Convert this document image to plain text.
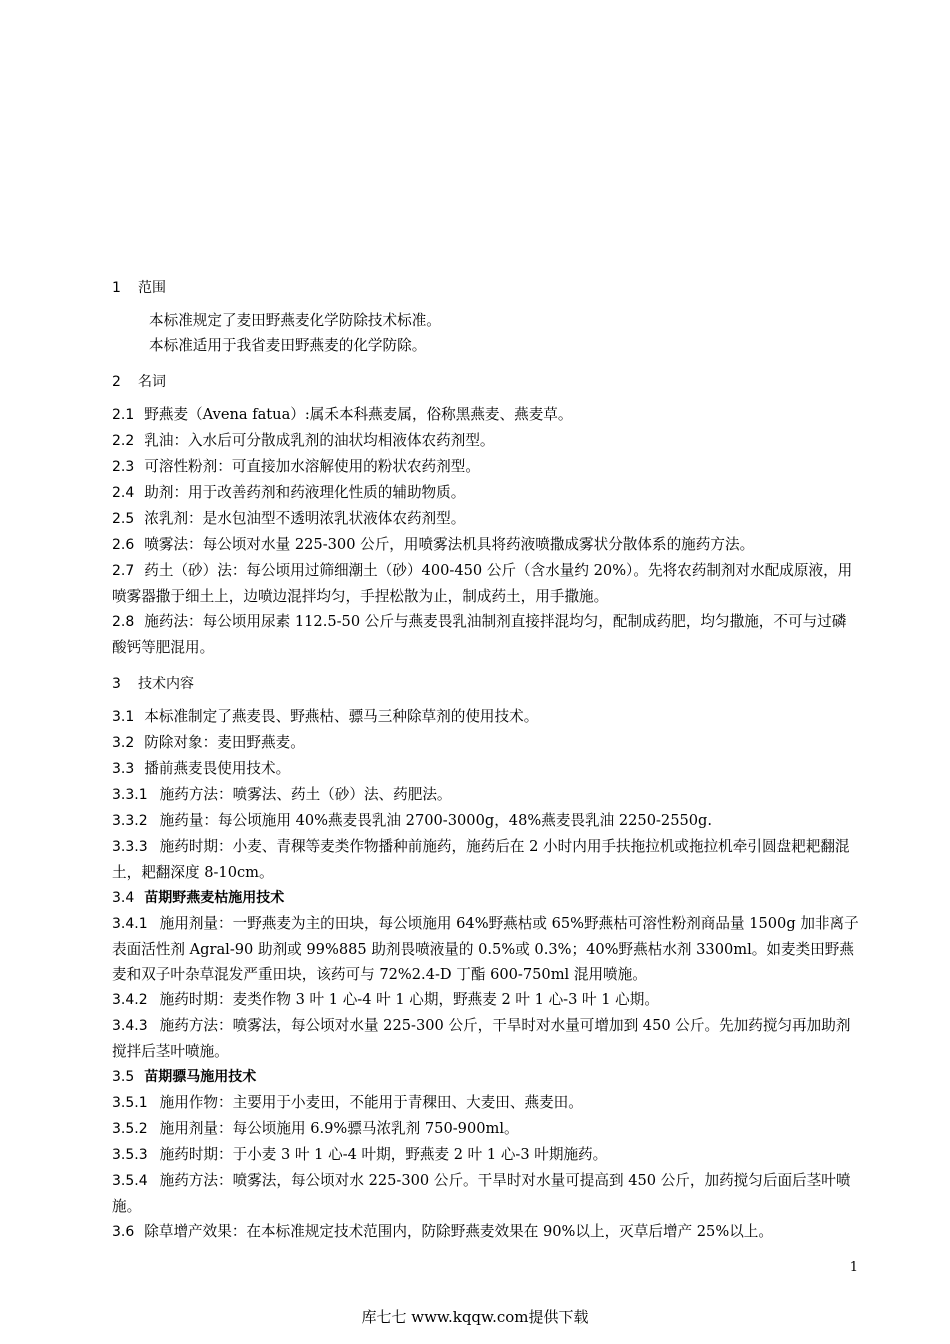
1 范围
本标准规定了麦田野燕麦化学防除技术标准。
本标准适用于我省麦田野燕麦的化学防除。
2 名词
2.1 野燕麦（Avena fatua）:属禾本科燕麦属，俗称黑燕麦、燕麦草。
2.2 乳油：入水后可分散成乳剂的油状均相液体农药剂型。
2.3 可溶性粉剂：可直接加水溶解使用的粉状农药剂型。
2.4 助剂：用于改善药剂和药液理化性质的辅助物质。
2.5 浓乳剂：是水包油型不透明浓乳状液体农药剂型。
2.6 喷雾法：每公顷对水量 225-300 公斤，用喷雾法机具将药液喷撒成雾状分散体系的施药方法。
2.7 药土（砂）法：每公顷用过筛细潮土（砂）400-450 公斤（含水量约 20%）。先将农药制剂对水配成原液，用喷雾器撒于细土上，边喷边混拌均匀，手捏松散为止，制成药土，用手撒施。
2.8 施药法：每公顷用尿素 112.5-50 公斤与燕麦畏乳油制剂直接拌混均匀，配制成药肥，均匀撒施，不可与过磷酸钙等肥混用。
3 技术内容
3.1 本标准制定了燕麦畏、野燕枯、骠马三种除草剂的使用技术。
3.2 防除对象：麦田野燕麦。
3.3 播前燕麦畏使用技术。
3.3.1 施药方法：喷雾法、药土（砂）法、药肥法。
3.3.2 施药量：每公顷施用 40%燕麦畏乳油 2700-3000g，48%燕麦畏乳油 2250-2550g.
3.3.3 施药时期：小麦、青稞等麦类作物播种前施药，施药后在 2 小时内用手扶拖拉机或拖拉机牵引圆盘耙耙翻混土，耙翻深度 8-10cm。
3.4 苗期野燕麦枯施用技术
3.4.1 施用剂量：一野燕麦为主的田块，每公顷施用 64%野燕枯或 65%野燕枯可溶性粉剂商品量 1500g 加非离子表面活性剂 Agral-90 助剂或 99%885 助剂畏喷液量的 0.5%或 0.3%；40%野燕枯水剂 3300ml。如麦类田野燕麦和双子叶杂草混发严重田块，该药可与 72%2.4-D 丁酯 600-750ml 混用喷施。
3.4.2 施药时期：麦类作物 3 叶 1 心-4 叶 1 心期，野燕麦 2 叶 1 心-3 叶 1 心期。
3.4.3 施药方法：喷雾法，每公顷对水量 225-300 公斤，干旱时对水量可增加到 450 公斤。先加药搅匀再加助剂搅拌后茎叶喷施。
3.5 苗期骠马施用技术
3.5.1 施用作物：主要用于小麦田，不能用于青稞田、大麦田、燕麦田。
3.5.2 施用剂量：每公顷施用 6.9%骠马浓乳剂 750-900ml。
3.5.3 施药时期：于小麦 3 叶 1 心-4 叶期，野燕麦 2 叶 1 心-3 叶期施药。
3.5.4 施药方法：喷雾法，每公顷对水 225-300 公斤。干旱时对水量可提高到 450 公斤，加药搅匀后面后茎叶喷施。
3.6 除草增产效果：在本标准规定技术范围内，防除野燕麦效果在 90%以上，灭草后增产 25%以上。
1
库七七 www.kqqw.com提供下载
